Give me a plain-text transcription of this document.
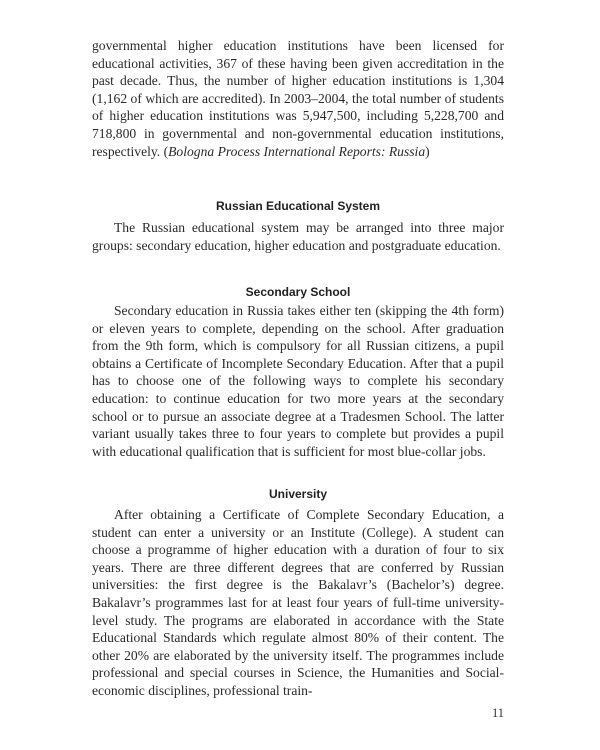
governmental higher education institutions have been licensed for educational activities, 367 of these having been given accreditation in the past decade. Thus, the number of higher education institutions is 1,304 (1,162 of which are accredited). In 2003–2004, the total number of students of higher education institutions was 5,947,500, including 5,228,700 and 718,800 in governmental and non-governmental education institutions, respectively. (Bologna Process International Reports: Russia)
Russian Educational System
The Russian educational system may be arranged into three major groups: secondary education, higher education and postgraduate education.
Secondary School
Secondary education in Russia takes either ten (skipping the 4th form) or eleven years to complete, depending on the school. After graduation from the 9th form, which is compulsory for all Russian citizens, a pupil obtains a Certificate of Incomplete Secondary Education. After that a pupil has to choose one of the following ways to complete his secondary education: to continue education for two more years at the secondary school or to pursue an associate degree at a Tradesmen School. The latter variant usually takes three to four years to complete but provides a pupil with educational qualification that is sufficient for most blue-collar jobs.
University
After obtaining a Certificate of Complete Secondary Education, a student can enter a university or an Institute (College). A student can choose a programme of higher education with a duration of four to six years. There are three different degrees that are conferred by Russian universities: the first degree is the Bakalavr’s (Bachelor’s) degree. Bakalavr’s programmes last for at least four years of full-time university-level study. The programs are elaborated in accordance with the State Educational Standards which regulate almost 80% of their content. The other 20% are elaborated by the university itself. The programmes include professional and special courses in Science, the Humanities and Social-economic disciplines, professional train-
11
